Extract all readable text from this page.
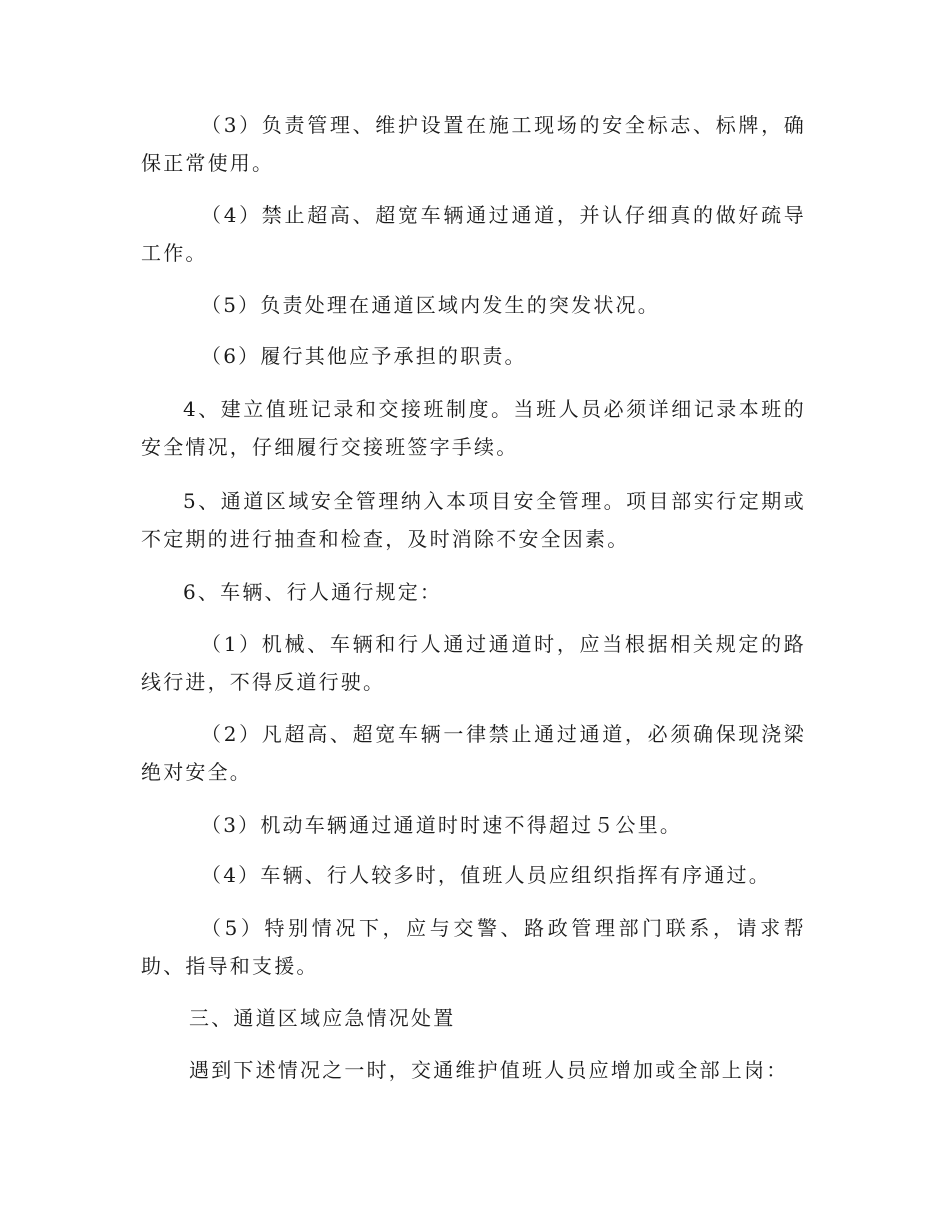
（3）负责管理、维护设置在施工现场的安全标志、标牌，确保正常使用。

（4）禁止超高、超宽车辆通过通道，并认仔细真的做好疏导工作。

（5）负责处理在通道区域内发生的突发状况。

（6）履行其他应予承担的职责。

4、建立值班记录和交接班制度。当班人员必须详细记录本班的安全情况，仔细履行交接班签字手续。

5、通道区域安全管理纳入本项目安全管理。项目部实行定期或不定期的进行抽查和检查，及时消除不安全因素。

6、车辆、行人通行规定：

（1）机械、车辆和行人通过通道时，应当根据相关规定的路线行进，不得反道行驶。

（2）凡超高、超宽车辆一律禁止通过通道，必须确保现浇梁绝对安全。

（3）机动车辆通过通道时时速不得超过５公里。

（4）车辆、行人较多时，值班人员应组织指挥有序通过。

（5）特别情况下，应与交警、路政管理部门联系，请求帮助、指导和支援。

三、通道区域应急情况处置

遇到下述情况之一时，交通维护值班人员应增加或全部上岗：
